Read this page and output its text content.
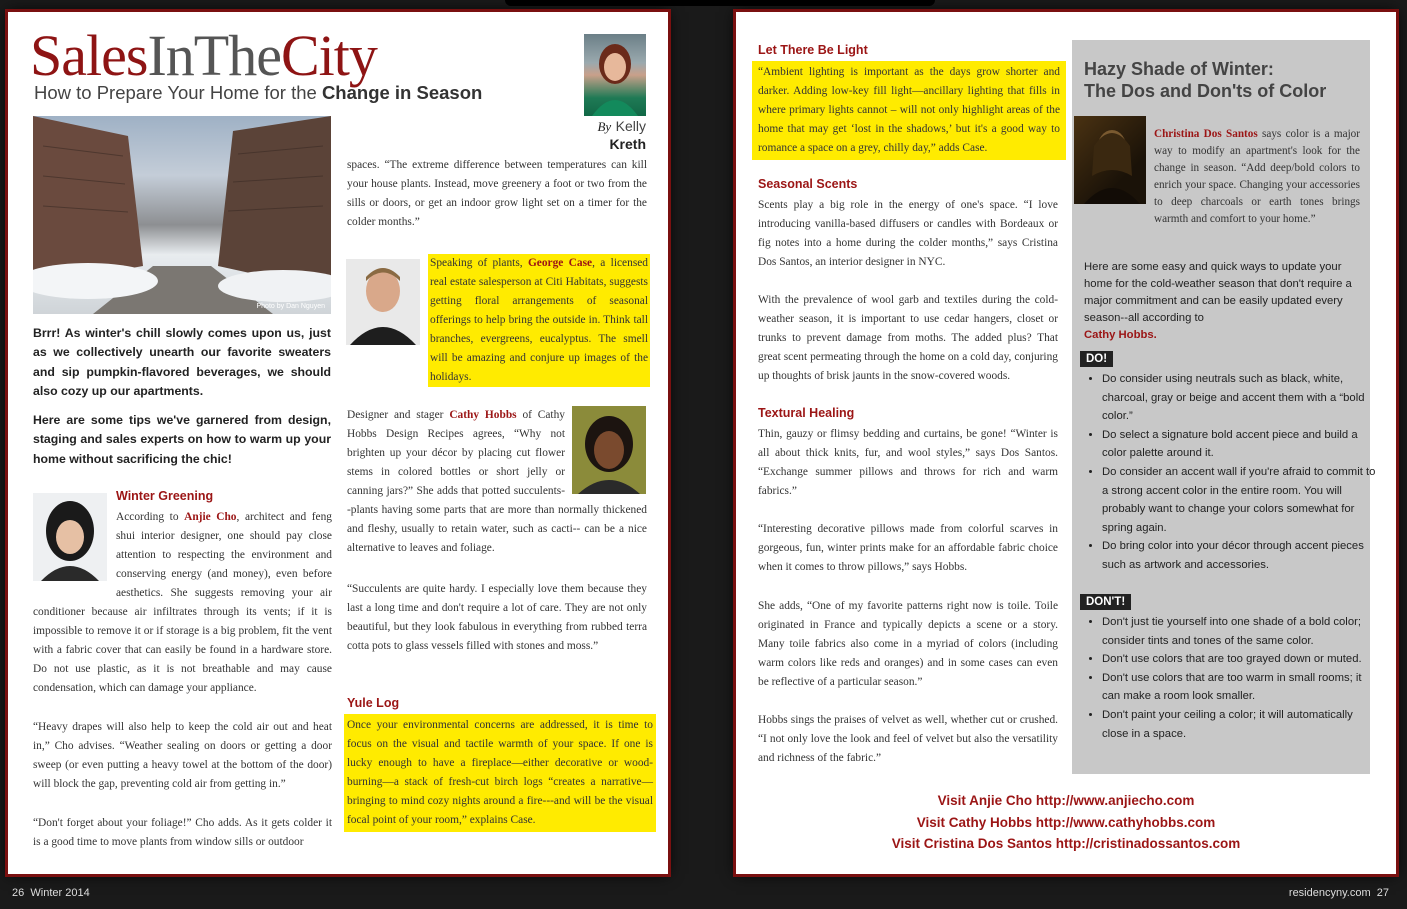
SalesInTheCity
How to Prepare Your Home for the Change in Season
By Kelly
Kreth
Photo by Dan Nguyen

Brrr! As winter's chill slowly comes upon us, just as we collectively unearth our favorite sweaters and sip pumpkin-flavored beverages, we should also cozy up our apartments.

Here are some tips we've garnered from design, staging and sales experts on how to warm up your home without sacrificing the chic!

Winter Greening

According to Anjie Cho, architect and feng shui interior designer, one should pay close attention to respecting the environment and conserving energy (and money), even before aesthetics. She suggests removing your air conditioner because air infiltrates through its vents; if it is impossible to remove it or if storage is a big problem, fit the vent with a fabric cover that can easily be found in a hardware store. Do not use plastic, as it is not breathable and may cause condensation, which can damage your appliance.

“Heavy drapes will also help to keep the cold air out and heat in,” Cho advises. “Weather sealing on doors or getting a door sweep (or even putting a heavy towel at the bottom of the door) will block the gap, preventing cold air from getting in.”

“Don't forget about your foliage!” Cho adds. As it gets colder it is a good time to move plants from window sills or outdoor

spaces. “The extreme difference between temperatures can kill your house plants. Instead, move greenery a foot or two from the sills or doors, or get an indoor grow light set on a timer for the colder months.”

Speaking of plants, George Case, a licensed real estate salesperson at Citi Habitats, suggests getting floral arrangements of seasonal offerings to help bring the outside in. Think tall branches, evergreens, eucalyptus. The smell will be amazing and conjure up images of the holidays.

Designer and stager Cathy Hobbs of Cathy Hobbs Design Recipes agrees, “Why not brighten up your décor by placing cut flower stems in colored bottles or short jelly or canning jars?” She adds that potted succulents--plants having some parts that are more than normally thickened and fleshy, usually to retain water, such as cacti-- can be a nice alternative to leaves and foliage.

“Succulents are quite hardy. I especially love them because they last a long time and don't require a lot of care. They are not only beautiful, but they look fabulous in everything from rubbed terra cotta pots to glass vessels filled with stones and moss.”

Yule Log
Once your environmental concerns are addressed, it is time to focus on the visual and tactile warmth of your space. If one is lucky enough to have a fireplace—either decorative or wood-burning—a stack of fresh-cut birch logs “creates a narrative—bringing to mind cozy nights around a fire---and will be the visual focal point of your room,” explains Case.
Let There Be Light
“Ambient lighting is important as the days grow shorter and darker. Adding low-key fill light—ancillary lighting that fills in where primary lights cannot – will not only highlight areas of the home that may get ‘lost in the shadows,’ but it's a good way to romance a space on a grey, chilly day,” adds Case.
Seasonal Scents

Scents play a big role in the energy of one's space. “I love introducing vanilla-based diffusers or candles with Bordeaux or fig notes into a home during the colder months,” says Cristina Dos Santos, an interior designer in NYC.

With the prevalence of wool garb and textiles during the cold-weather season, it is important to use cedar hangers, closet or trunks to prevent damage from moths. The added plus? That great scent permeating through the home on a cold day, conjuring up thoughts of brisk jaunts in the snow-covered woods.

Textural Healing

Thin, gauzy or flimsy bedding and curtains, be gone! “Winter is all about thick knits, fur, and wool styles,” says Dos Santos. “Exchange summer pillows and throws for rich and warm fabrics.”

“Interesting decorative pillows made from colorful scarves in gorgeous, fun, winter prints make for an affordable fabric choice when it comes to throw pillows,” says Hobbs.

She adds, “One of my favorite patterns right now is toile. Toile originated in France and typically depicts a scene or a story. Many toile fabrics also come in a myriad of colors (including warm colors like reds and oranges) and in some cases can even be reflective of a particular season.”

Hobbs sings the praises of velvet as well, whether cut or crushed. “I not only love the look and feel of velvet but also the versatility and richness of the fabric.”

Hazy Shade of Winter:
The Dos and Don'ts of Color

Christina Dos Santos says color is a major way to modify an apartment's look for the change in season. “Add deep/bold colors to enrich your space. Changing your accessories to deep charcoals or earth tones brings warmth and comfort to your home.”

Here are some easy and quick ways to update your home for the cold-weather season that don't require a major commitment and can be easily updated every season--all according to
Cathy Hobbs.

DO!
• Do consider using neutrals such as black, white, charcoal, gray or beige and accent them with a “bold color.”
• Do select a signature bold accent piece and build a color palette around it.
• Do consider an accent wall if you're afraid to commit to a strong accent color in the entire room. You will probably want to change your colors somewhat for spring again.
• Do bring color into your décor through accent pieces such as artwork and accessories.
DON'T!
• Don't just tie yourself into one shade of a bold color; consider tints and tones of the same color.
• Don't use colors that are too grayed down or muted.
• Don't use colors that are too warm in small rooms; it can make a room look smaller.
• Don't paint your ceiling a color; it will automatically close in a space.
Visit Anjie Cho http://www.anjiecho.com
Visit Cathy Hobbs http://www.cathyhobbs.com
Visit Cristina Dos Santos http://cristinadossantos.com
26 Winter 2014	residencyny.com 27
